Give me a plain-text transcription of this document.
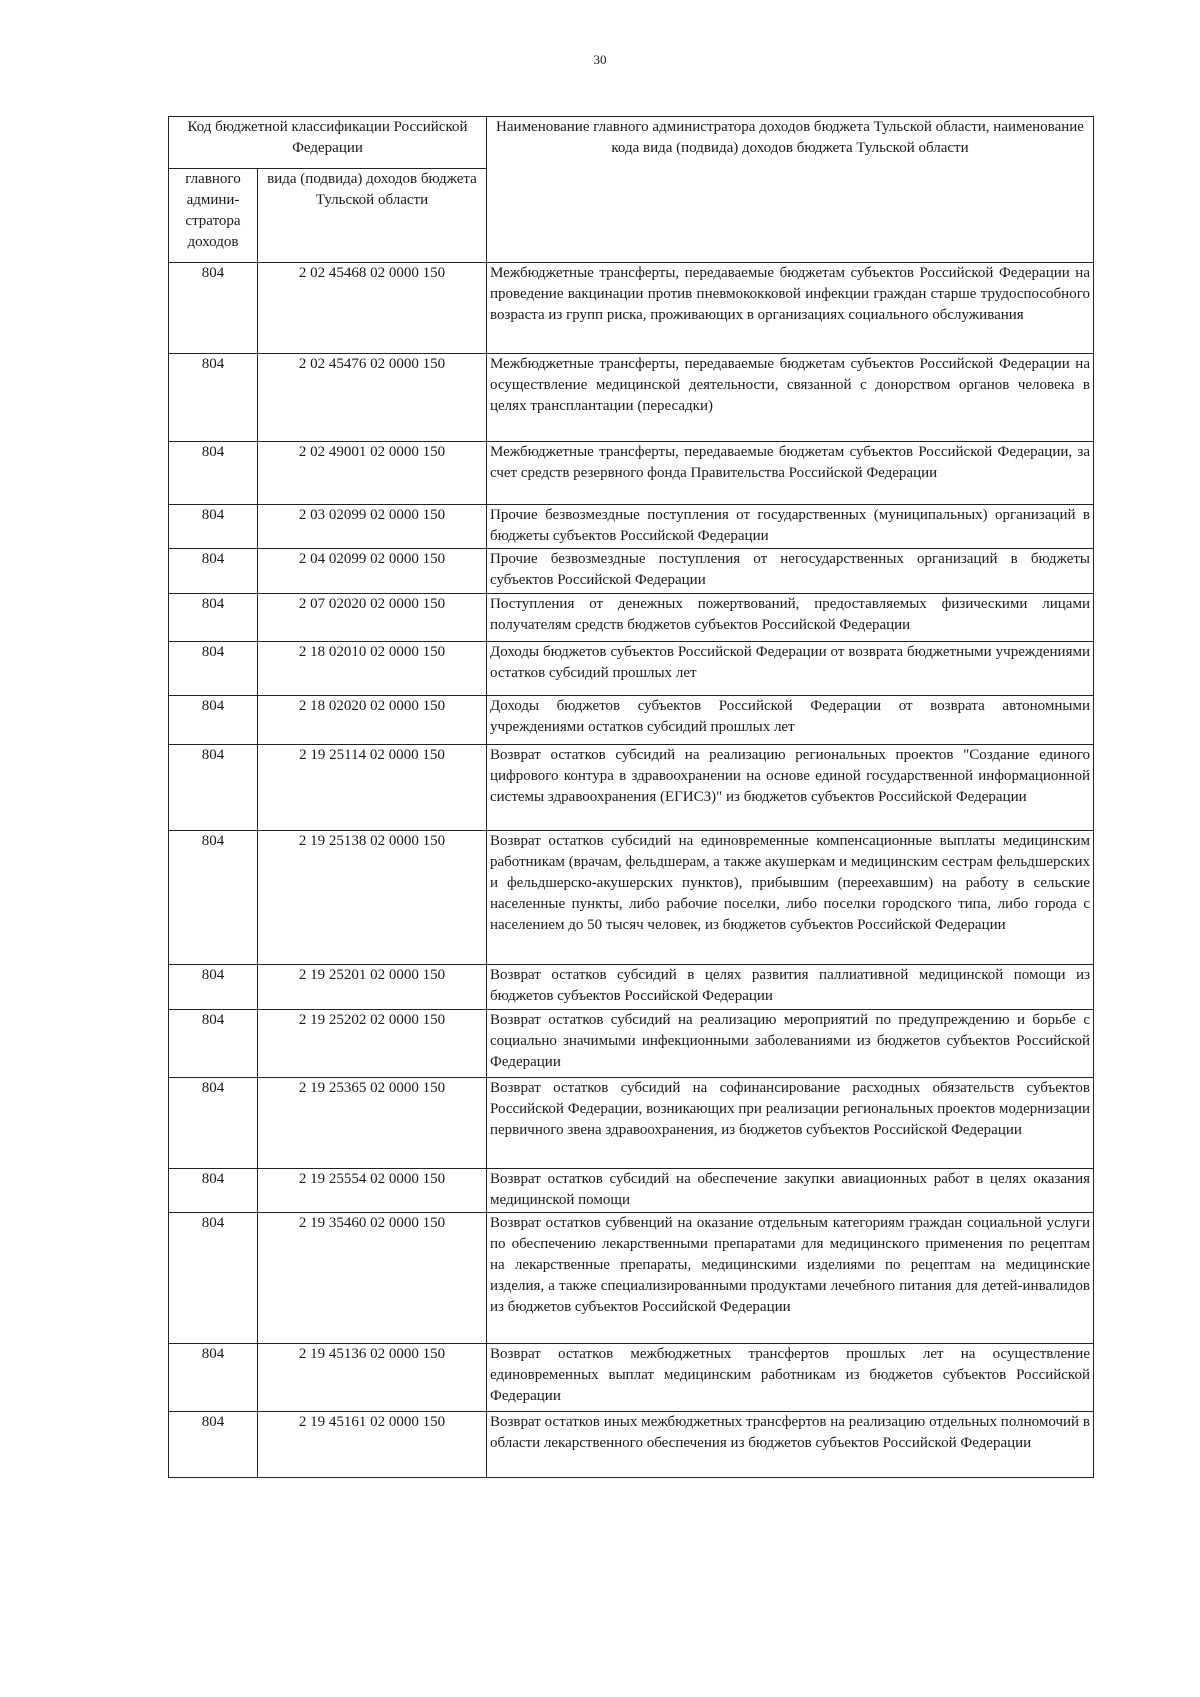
30
Код бюджетной классификации Российской Федерации		Наименование главного администратора доходов бюджета Тульской области, наименование кода вида (подвида) доходов бюджета Тульской области
главного админи-стратора доходов	вида (подвида) доходов бюджета Тульской области	
804	2 02 45468 02 0000 150	Межбюджетные трансферты, передаваемые бюджетам субъектов Российской Федерации на проведение вакцинации против пневмококковой инфекции граждан старше трудоспособного возраста из групп риска, проживающих в организациях социального обслуживания
804	2 02 45476 02 0000 150	Межбюджетные трансферты, передаваемые бюджетам субъектов Российской Федерации на осуществление медицинской деятельности, связанной с донорством органов человека в целях трансплантации (пересадки)
804	2 02 49001 02 0000 150	Межбюджетные трансферты, передаваемые бюджетам субъектов Российской Федерации, за счет средств резервного фонда Правительства Российской Федерации
804	2 03 02099 02 0000 150	Прочие безвозмездные поступления от государственных (муниципальных) организаций в бюджеты субъектов Российской Федерации
804	2 04 02099 02 0000 150	Прочие безвозмездные поступления от негосударственных организаций в бюджеты субъектов Российской Федерации
804	2 07 02020 02 0000 150	Поступления от денежных пожертвований, предоставляемых физическими лицами получателям средств бюджетов субъектов Российской Федерации
804	2 18 02010 02 0000 150	Доходы бюджетов субъектов Российской Федерации от возврата бюджетными учреждениями остатков субсидий прошлых лет
804	2 18 02020 02 0000 150	Доходы бюджетов субъектов Российской Федерации от возврата автономными учреждениями остатков субсидий прошлых лет
804	2 19 25114 02 0000 150	Возврат остатков субсидий на реализацию региональных проектов "Создание единого цифрового контура в здравоохранении на основе единой государственной информационной системы здравоохранения (ЕГИСЗ)" из бюджетов субъектов Российской Федерации
804	2 19 25138 02 0000 150	Возврат остатков субсидий на единовременные компенсационные выплаты медицинским работникам (врачам, фельдшерам, а также акушеркам и медицинским сестрам фельдшерских и фельдшерско-акушерских пунктов), прибывшим (переехавшим) на работу в сельские населенные пункты, либо рабочие поселки, либо поселки городского типа, либо города с населением до 50 тысяч человек, из бюджетов субъектов Российской Федерации
804	2 19 25201 02 0000 150	Возврат остатков субсидий в целях развития паллиативной медицинской помощи из бюджетов субъектов Российской Федерации
804	2 19 25202 02 0000 150	Возврат остатков субсидий на реализацию мероприятий по предупреждению и борьбе с социально значимыми инфекционными заболеваниями из бюджетов субъектов Российской Федерации
804	2 19 25365 02 0000 150	Возврат остатков субсидий на софинансирование расходных обязательств субъектов Российской Федерации, возникающих при реализации региональных проектов модернизации первичного звена здравоохранения, из бюджетов субъектов Российской Федерации
804	2 19 25554 02 0000 150	Возврат остатков субсидий на обеспечение закупки авиационных работ в целях оказания медицинской помощи
804	2 19 35460 02 0000 150	Возврат остатков субвенций на оказание отдельным категориям граждан социальной услуги по обеспечению лекарственными препаратами для медицинского применения по рецептам на лекарственные препараты, медицинскими изделиями по рецептам на медицинские изделия, а также специализированными продуктами лечебного питания для детей-инвалидов из бюджетов субъектов Российской Федерации
804	2 19 45136 02 0000 150	Возврат остатков межбюджетных трансфертов прошлых лет на осуществление единовременных выплат медицинским работникам из бюджетов субъектов Российской Федерации
804	2 19 45161 02 0000 150	Возврат остатков иных межбюджетных трансфертов на реализацию отдельных полномочий в области лекарственного обеспечения из бюджетов субъектов Российской Федерации
